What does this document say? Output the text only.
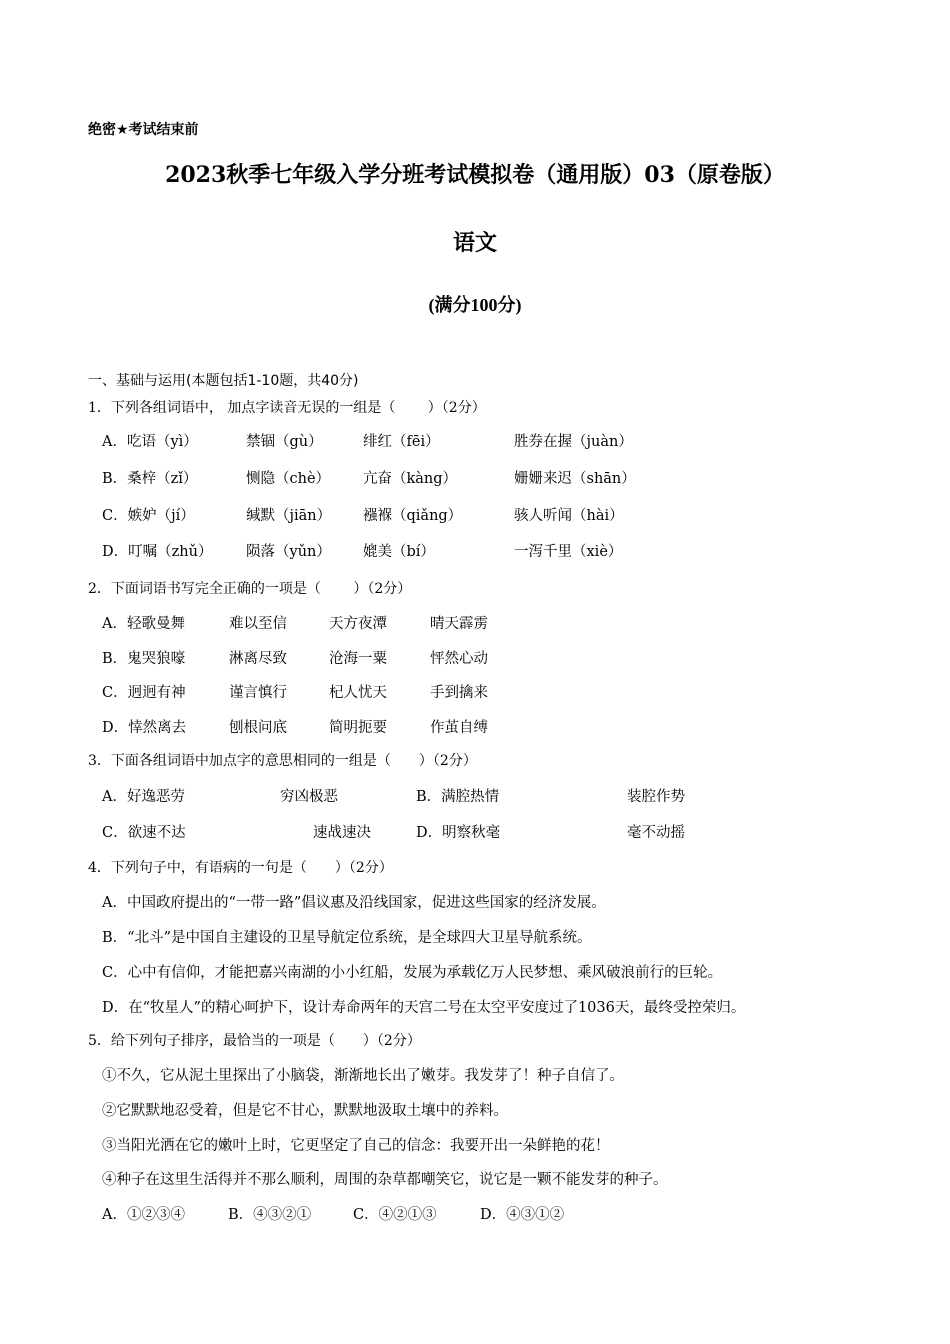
绝密★考试结束前
2023秋季七年级入学分班考试模拟卷（通用版）03（原卷版）
语文
(满分100分)
一、基础与运用(本题包括1-10题，共40分)
1．下列各组词语中， 加点字读音无误的一组是（　　 ）（2分）
A．吃语（yì）	禁锢（gù）	绯红（fēi）	胜券在握（juàn）
B．桑梓（zǐ）	恻隐（chè） 亢奋（kàng）	姗姗来迟（shān）
C．嫉妒（jí）	缄默（jiān） 襁褓（qiǎng）	骇人听闻（hài）
D．叮嘱（zhǔ） 陨落（yǔn） 媲美（bí）	一泻千里（xiè）
2．下面词语书写完全正确的一项是（　　 ）（2分）
A．轻歌曼舞	难以至信	天方夜潭	晴天霹雳
B．鬼哭狼嚎	淋离尽致	沧海一粟	怦然心动
C．迥迥有神	谨言慎行	杞人忧天	手到擒来
D．悻然离去	刨根问底	简明扼要	作茧自缚
3．下面各组词语中加点字的意思相同的一组是（　　）（2分）
A．好逸恶劳	穷凶极恶	B．满腔热情	装腔作势
C．欲速不达	速战速决	D．明察秋毫	毫不动摇
4．下列句子中，有语病的一句是（　　）（2分）
A．中国政府提出的“一带一路”倡议惠及沿线国家，促进这些国家的经济发展。
B．“北斗”是中国自主建设的卫星导航定位系统，是全球四大卫星导航系统。
C．心中有信仰，才能把嘉兴南湖的小小红船，发展为承载亿万人民梦想、乘风破浪前行的巨轮。
D．在“牧星人”的精心呵护下，设计寿命两年的天宫二号在太空平安度过了1036天，最终受控荣归。
5．给下列句子排序，最恰当的一项是（　　）（2分）
①不久，它从泥土里探出了小脑袋，渐渐地长出了嫩芽。我发芽了！种子自信了。
②它默默地忍受着，但是它不甘心，默默地汲取土壤中的养料。
③当阳光洒在它的嫩叶上时，它更坚定了自己的信念：我要开出一朵鲜艳的花！
④种子在这里生活得并不那么顺利，周围的杂草都嘲笑它，说它是一颗不能发芽的种子。
A．①②③④	B．④③②①	C．④②①③	D．④③①②
